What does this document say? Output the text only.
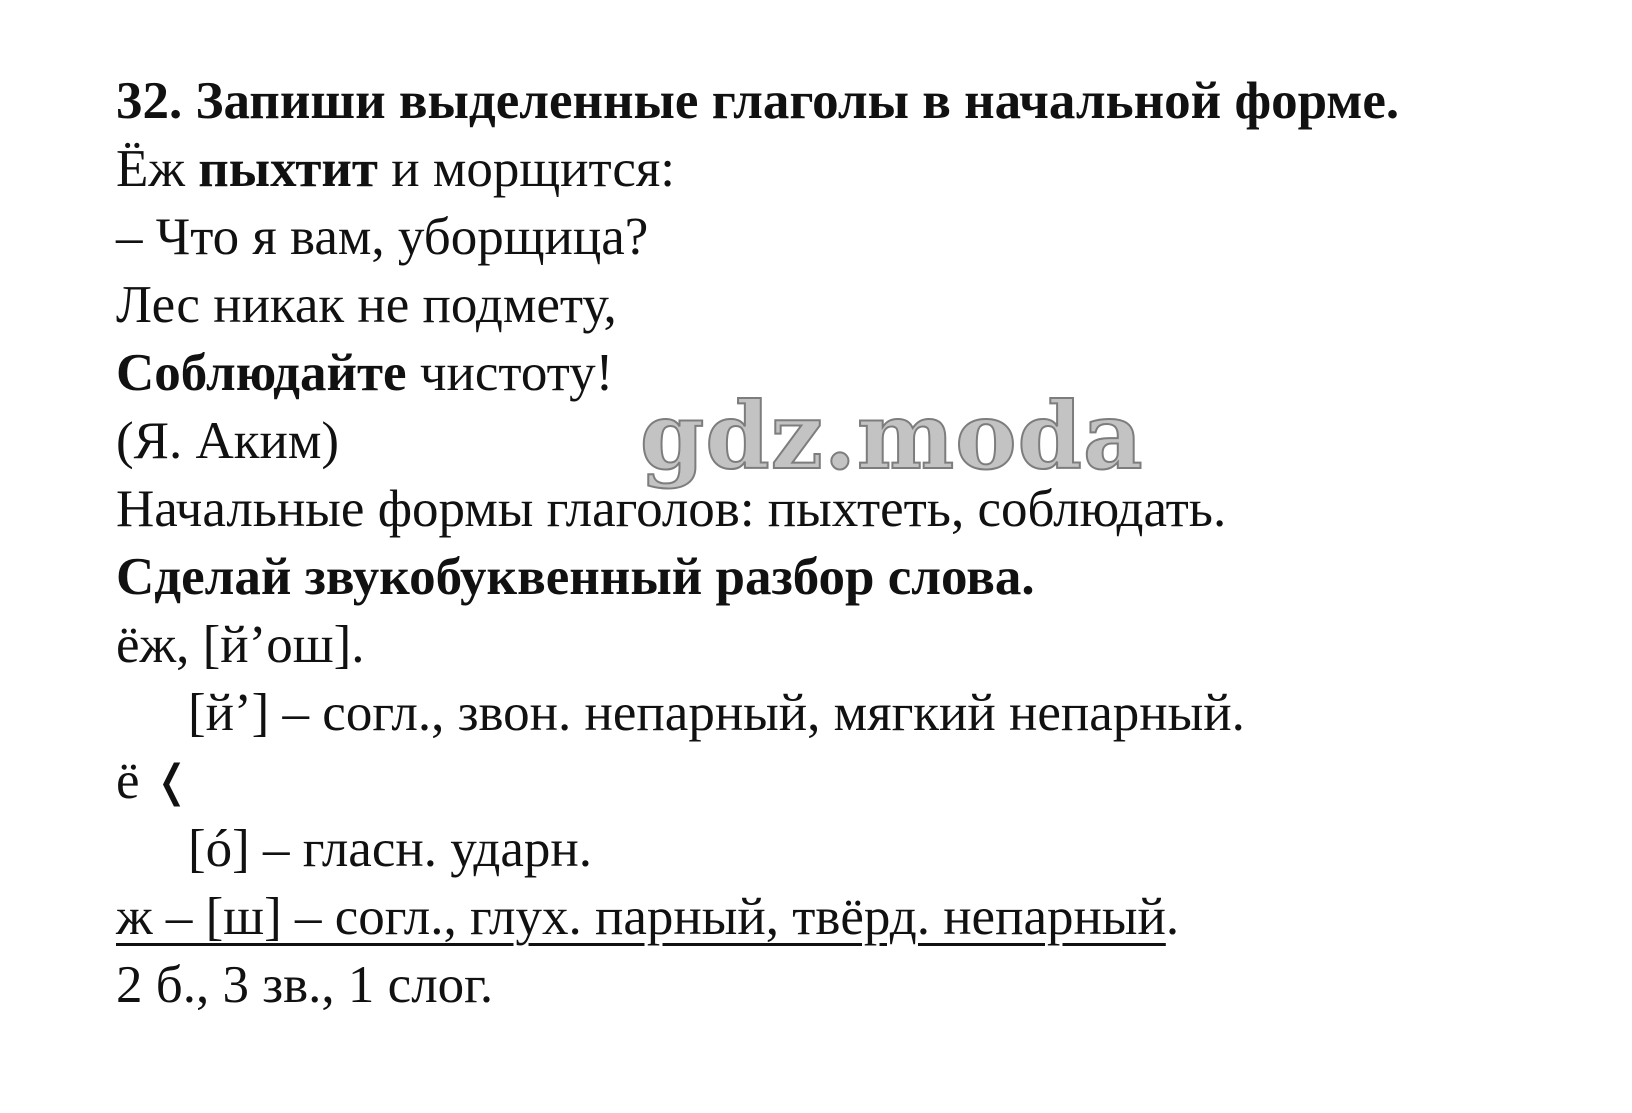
32. Запиши выделенные глаголы в начальной форме.
Ёж пыхтит и морщится:
– Что я вам, уборщица?
Лес никак не подмету,
Соблюдайте чистоту!
(Я. Аким)
Начальные формы глаголов: пыхтеть, соблюдать.
Сделай звукобуквенный разбор слова.
ёж, [й’ош].
[й’] – согл., звон. непарный, мягкий непарный.
ё ❬
[ó] – гласн. ударн.
ж – [ш] – согл., глух. парный, твёрд. непарный.
2 б., 3 зв., 1 слог.
gdz.moda
